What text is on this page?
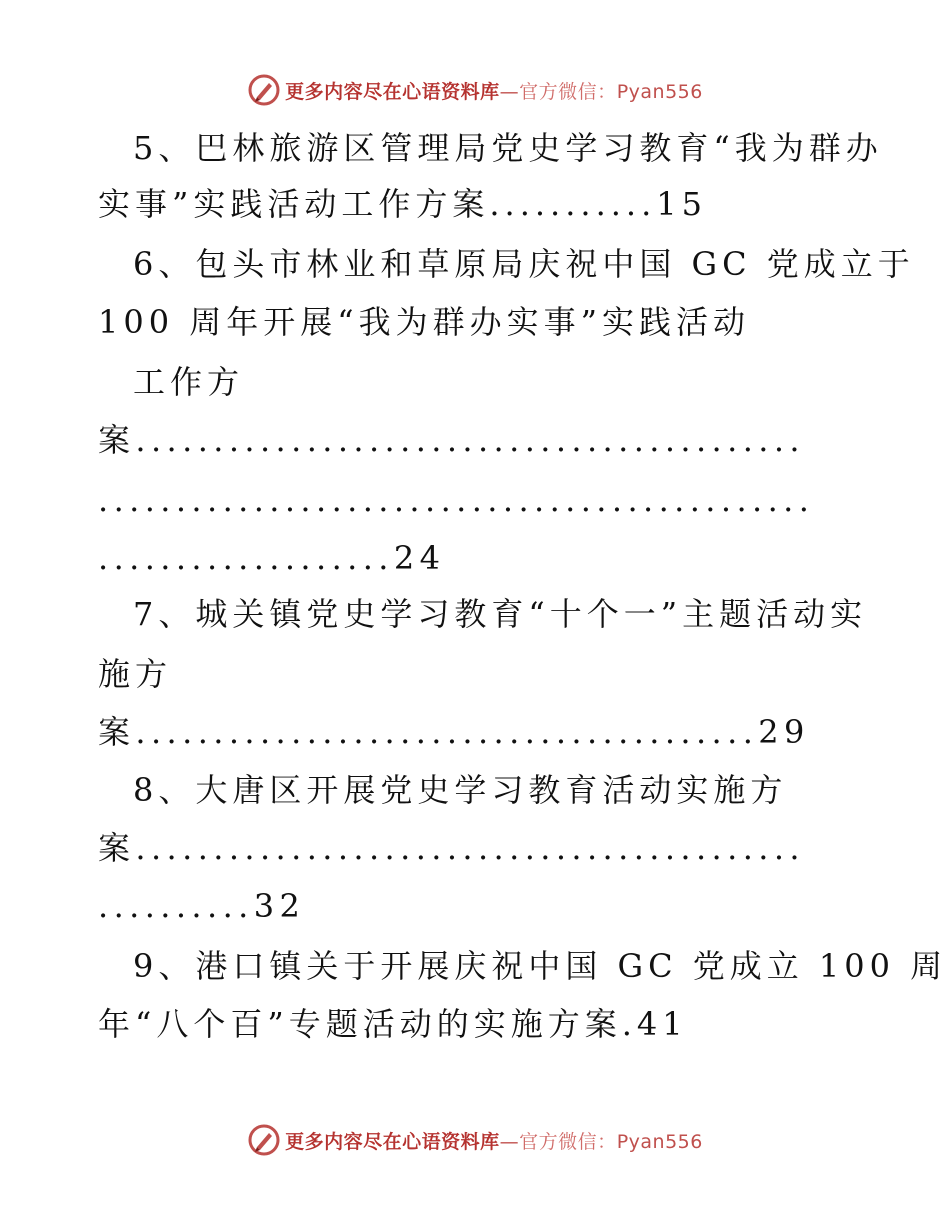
更多内容尽在心语资料库—官方微信：Pyan556
5、巴林旅游区管理局党史学习教育“我为群办
实事”实践活动工作方案...........15
6、包头市林业和草原局庆祝中国 GC 党成立于
100 周年开展“我为群办实事”实践活动
工作方
案...........................................
..............................................
...................24
7、城关镇党史学习教育“十个一”主题活动实
施方
案........................................29
8、大唐区开展党史学习教育活动实施方
案...........................................
..........32
9、港口镇关于开展庆祝中国 GC 党成立 100 周
年“八个百”专题活动的实施方案.41
更多内容尽在心语资料库—官方微信：Pyan556
